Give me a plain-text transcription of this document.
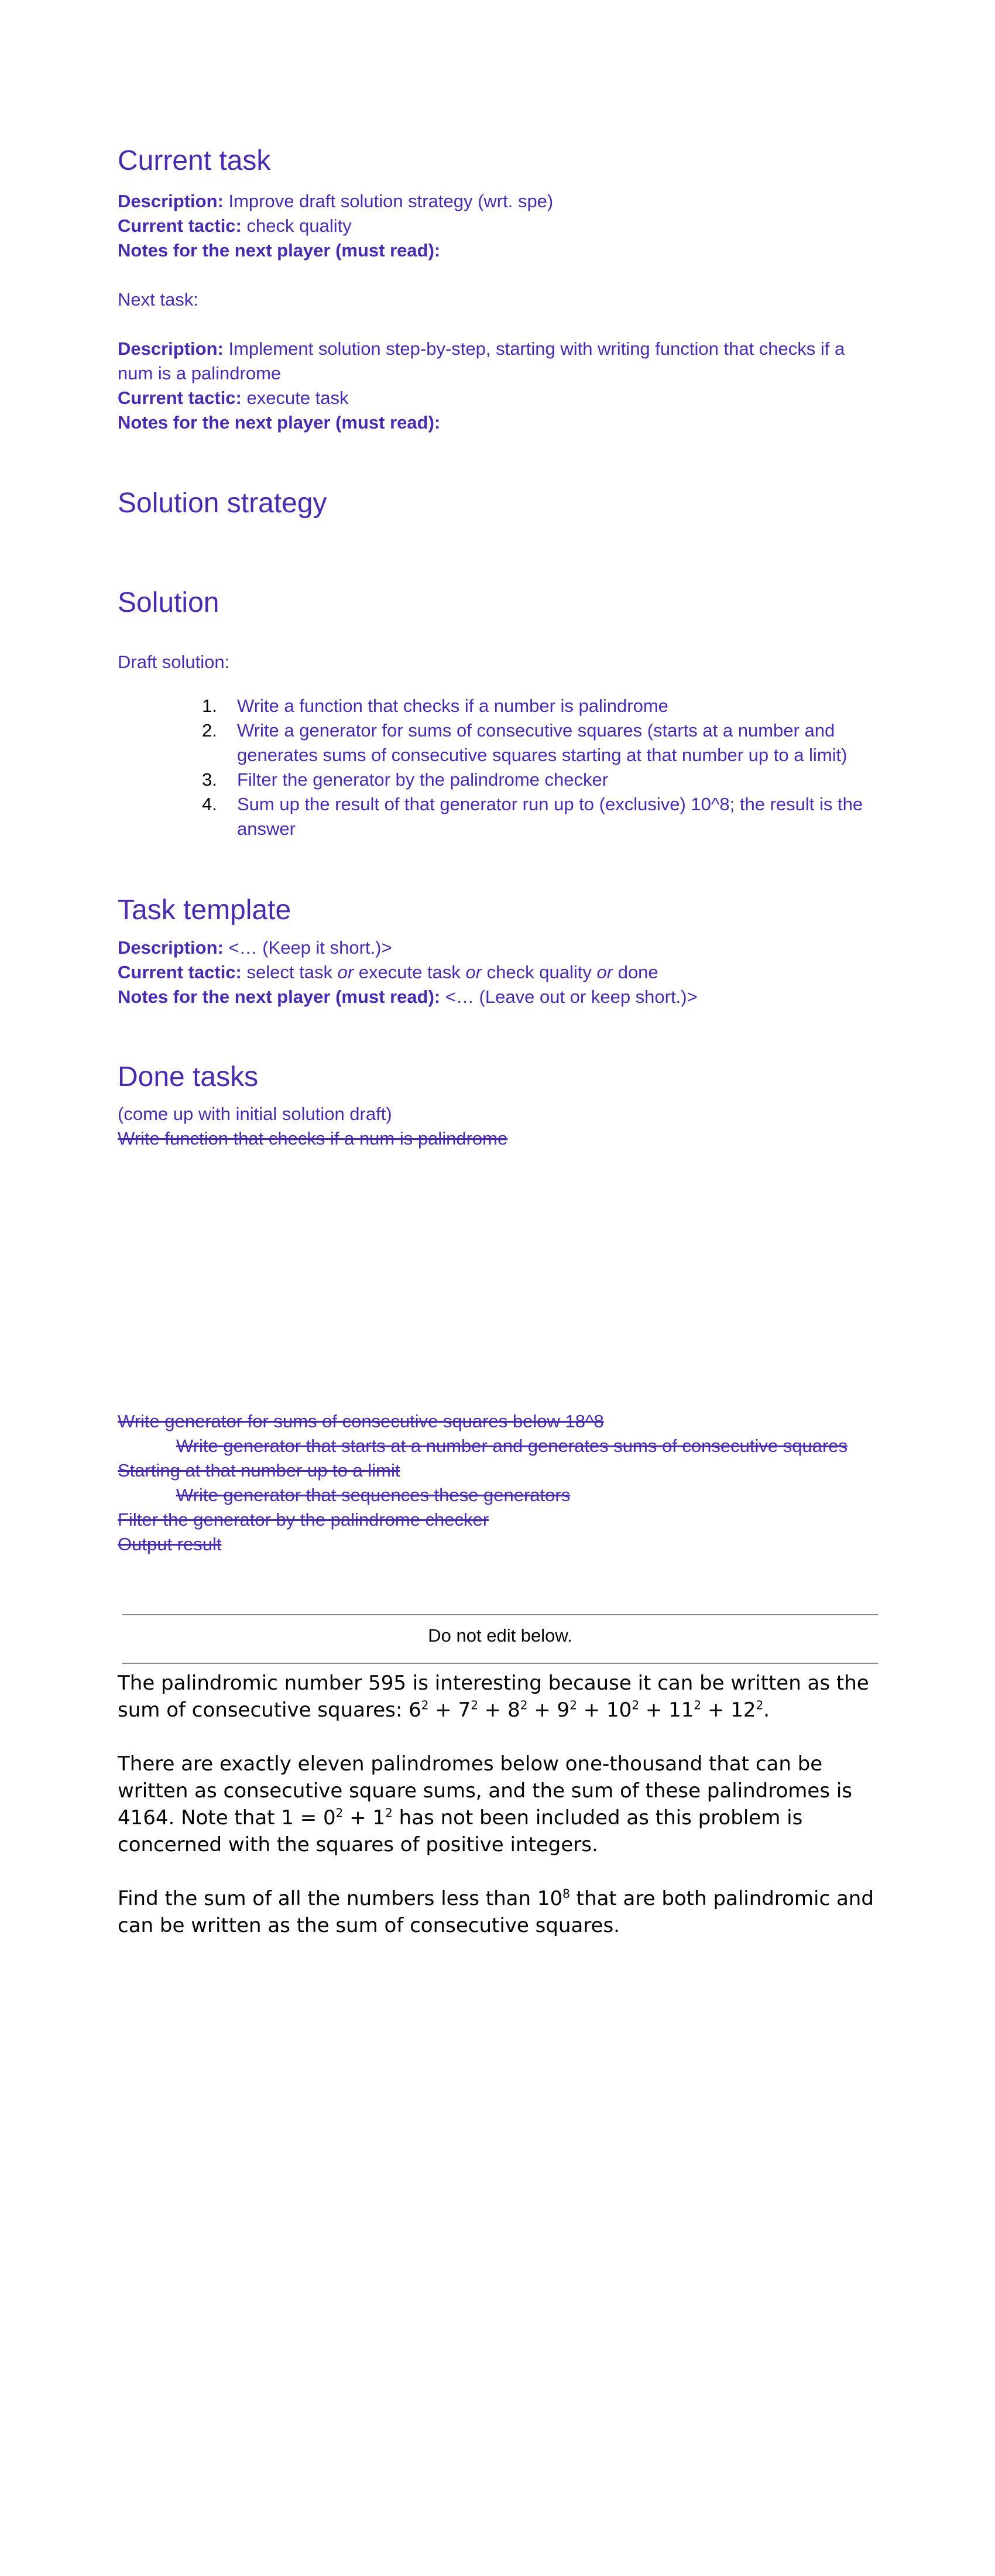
Current task

Description: Improve draft solution strategy (wrt. spe)

Current tactic: check quality

Notes for the next player (must read):

Next task:

Description: Implement solution step-by-step, starting with writing function that checks if a num is a palindrome

Current tactic: execute task

Notes for the next player (must read):

Solution strategy
Solution

Draft solution:

1. Write a function that checks if a number is palindrome
2. Write a generator for sums of consecutive squares (starts at a number and generates sums of consecutive squares starting at that number up to a limit)
3. Filter the generator by the palindrome checker
4. Sum up the result of that generator run up to (exclusive) 10^8; the result is the answer
Task template

Description: <… (Keep it short.)>

Current tactic: select task or execute task or check quality or done

Notes for the next player (must read): <… (Leave out or keep short.)>

Done tasks

(come up with initial solution draft)

Write function that checks if a num is palindrome

Write generator for sums of consecutive squares below 18^8

Write generator that starts at a number and generates sums of consecutive squares

Starting at that number up to a limit

Write generator that sequences these generators

Filter the generator by the palindrome checker

Output result

Do not edit below.

The palindromic number 595 is interesting because it can be written as the sum of consecutive squares: $6^2 + 7^2 + 8^2 + 9^2 + 10^2 + 11^2 + 12^2$.

There are exactly eleven palindromes below one-thousand that can be written as consecutive square sums, and the sum of these palindromes is 4164. Note that $1 = 0^2 + 1^2$ has not been included as this problem is concerned with the squares of positive integers.

Find the sum of all the numbers less than $10^8$ that are both palindromic and can be written as the sum of consecutive squares.
